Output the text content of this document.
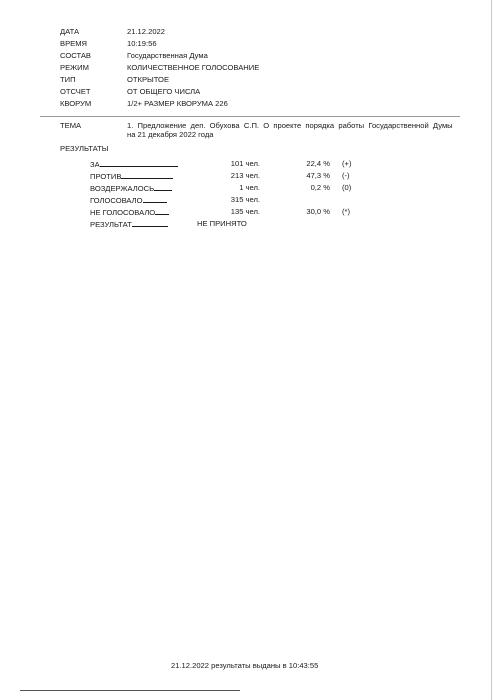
ДАТА	21.12.2022
ВРЕМЯ	10:19:56
СОСТАВ	Государственная Дума
РЕЖИМ	КОЛИЧЕСТВЕННОЕ ГОЛОСОВАНИЕ
ТИП	ОТКРЫТОЕ
ОТСЧЕТ	ОТ ОБЩЕГО ЧИСЛА
КВОРУМ	1/2+ РАЗМЕР КВОРУМА 226
ТЕМА	1.  Предложение  деп.  Обухова  С.П.  О  проекте  порядка  работы  Государственной  Думы
на 21 декабря 2022 года
РЕЗУЛЬТАТЫ
ЗА	101 чел.	22,4 % (+)
ПРОТИВ	213 чел.	47,3 % (-)
ВОЗДЕРЖАЛОСЬ	1 чел.	0,2 % (0)
ГОЛОСОВАЛО	315 чел.
НЕ ГОЛОСОВАЛО	135 чел.	30,0 % (*)
РЕЗУЛЬТАТ	НЕ ПРИНЯТО
21.12.2022 результаты выданы в 10:43:55
